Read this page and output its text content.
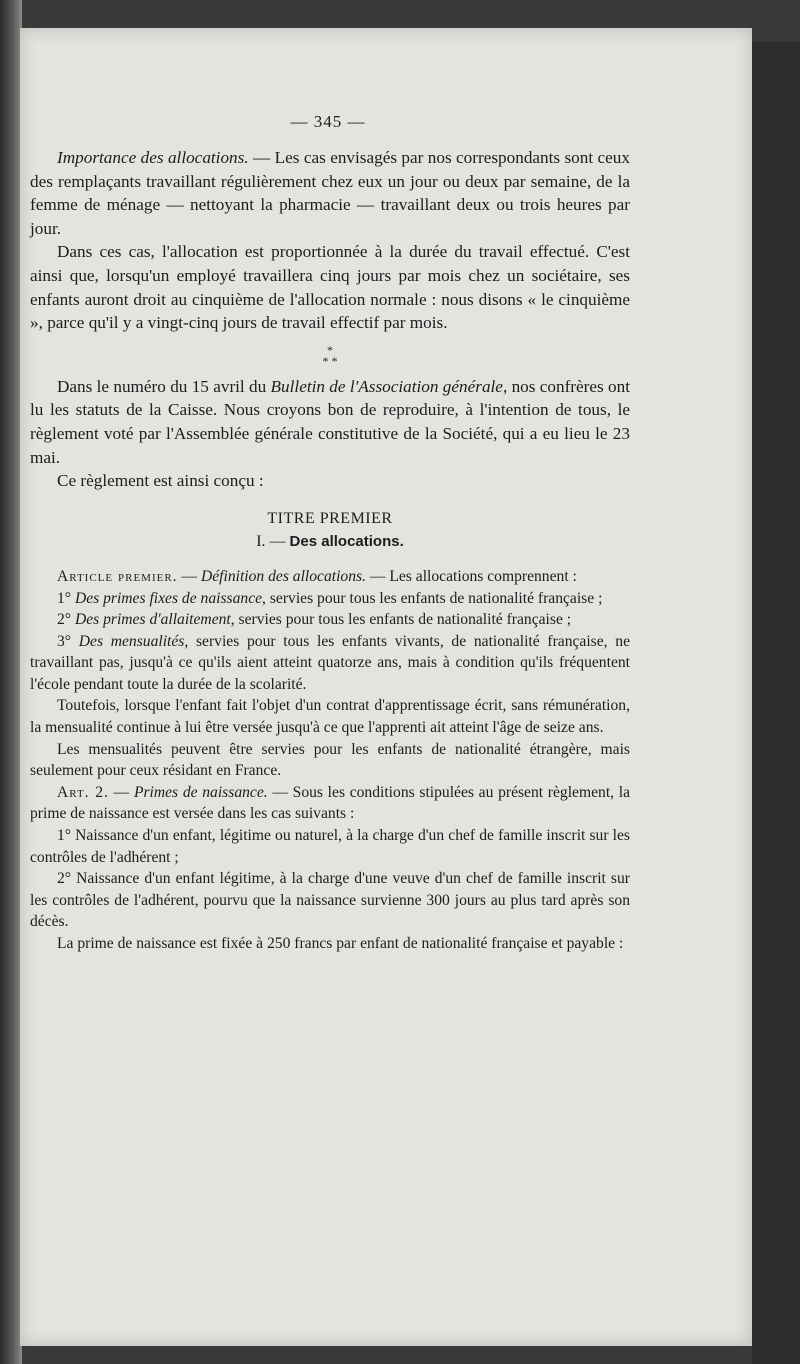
— 345 —

Importance des allocations. — Les cas envisagés par nos correspondants sont ceux des remplaçants travaillant régulièrement chez eux un jour ou deux par semaine, de la femme de ménage — nettoyant la pharmacie — travaillant deux ou trois heures par jour.

Dans ces cas, l'allocation est proportionnée à la durée du travail effectué. C'est ainsi que, lorsqu'un employé travaillera cinq jours par mois chez un sociétaire, ses enfants auront droit au cinquième de l'allocation normale : nous disons « le cinquième », parce qu'il y a vingt-cinq jours de travail effectif par mois.

*
* *

Dans le numéro du 15 avril du Bulletin de l'Association générale, nos confrères ont lu les statuts de la Caisse. Nous croyons bon de reproduire, à l'intention de tous, le règlement voté par l'Assemblée générale constitutive de la Société, qui a eu lieu le 23 mai.

Ce règlement est ainsi conçu :

TITRE PREMIER
I. — Des allocations.

Article premier. — Définition des allocations. — Les allocations comprennent :

1° Des primes fixes de naissance, servies pour tous les enfants de nationalité française ;

2° Des primes d'allaitement, servies pour tous les enfants de nationalité française ;

3° Des mensualités, servies pour tous les enfants vivants, de nationalité française, ne travaillant pas, jusqu'à ce qu'ils aient atteint quatorze ans, mais à condition qu'ils fréquentent l'école pendant toute la durée de la scolarité.

Toutefois, lorsque l'enfant fait l'objet d'un contrat d'apprentissage écrit, sans rémunération, la mensualité continue à lui être versée jusqu'à ce que l'apprenti ait atteint l'âge de seize ans.

Les mensualités peuvent être servies pour les enfants de nationalité étrangère, mais seulement pour ceux résidant en France.

Art. 2. — Primes de naissance. — Sous les conditions stipulées au présent règlement, la prime de naissance est versée dans les cas suivants :

1° Naissance d'un enfant, légitime ou naturel, à la charge d'un chef de famille inscrit sur les contrôles de l'adhérent ;

2° Naissance d'un enfant légitime, à la charge d'une veuve d'un chef de famille inscrit sur les contrôles de l'adhérent, pourvu que la naissance survienne 300 jours au plus tard après son décès.

La prime de naissance est fixée à 250 francs par enfant de nationalité française et payable :
